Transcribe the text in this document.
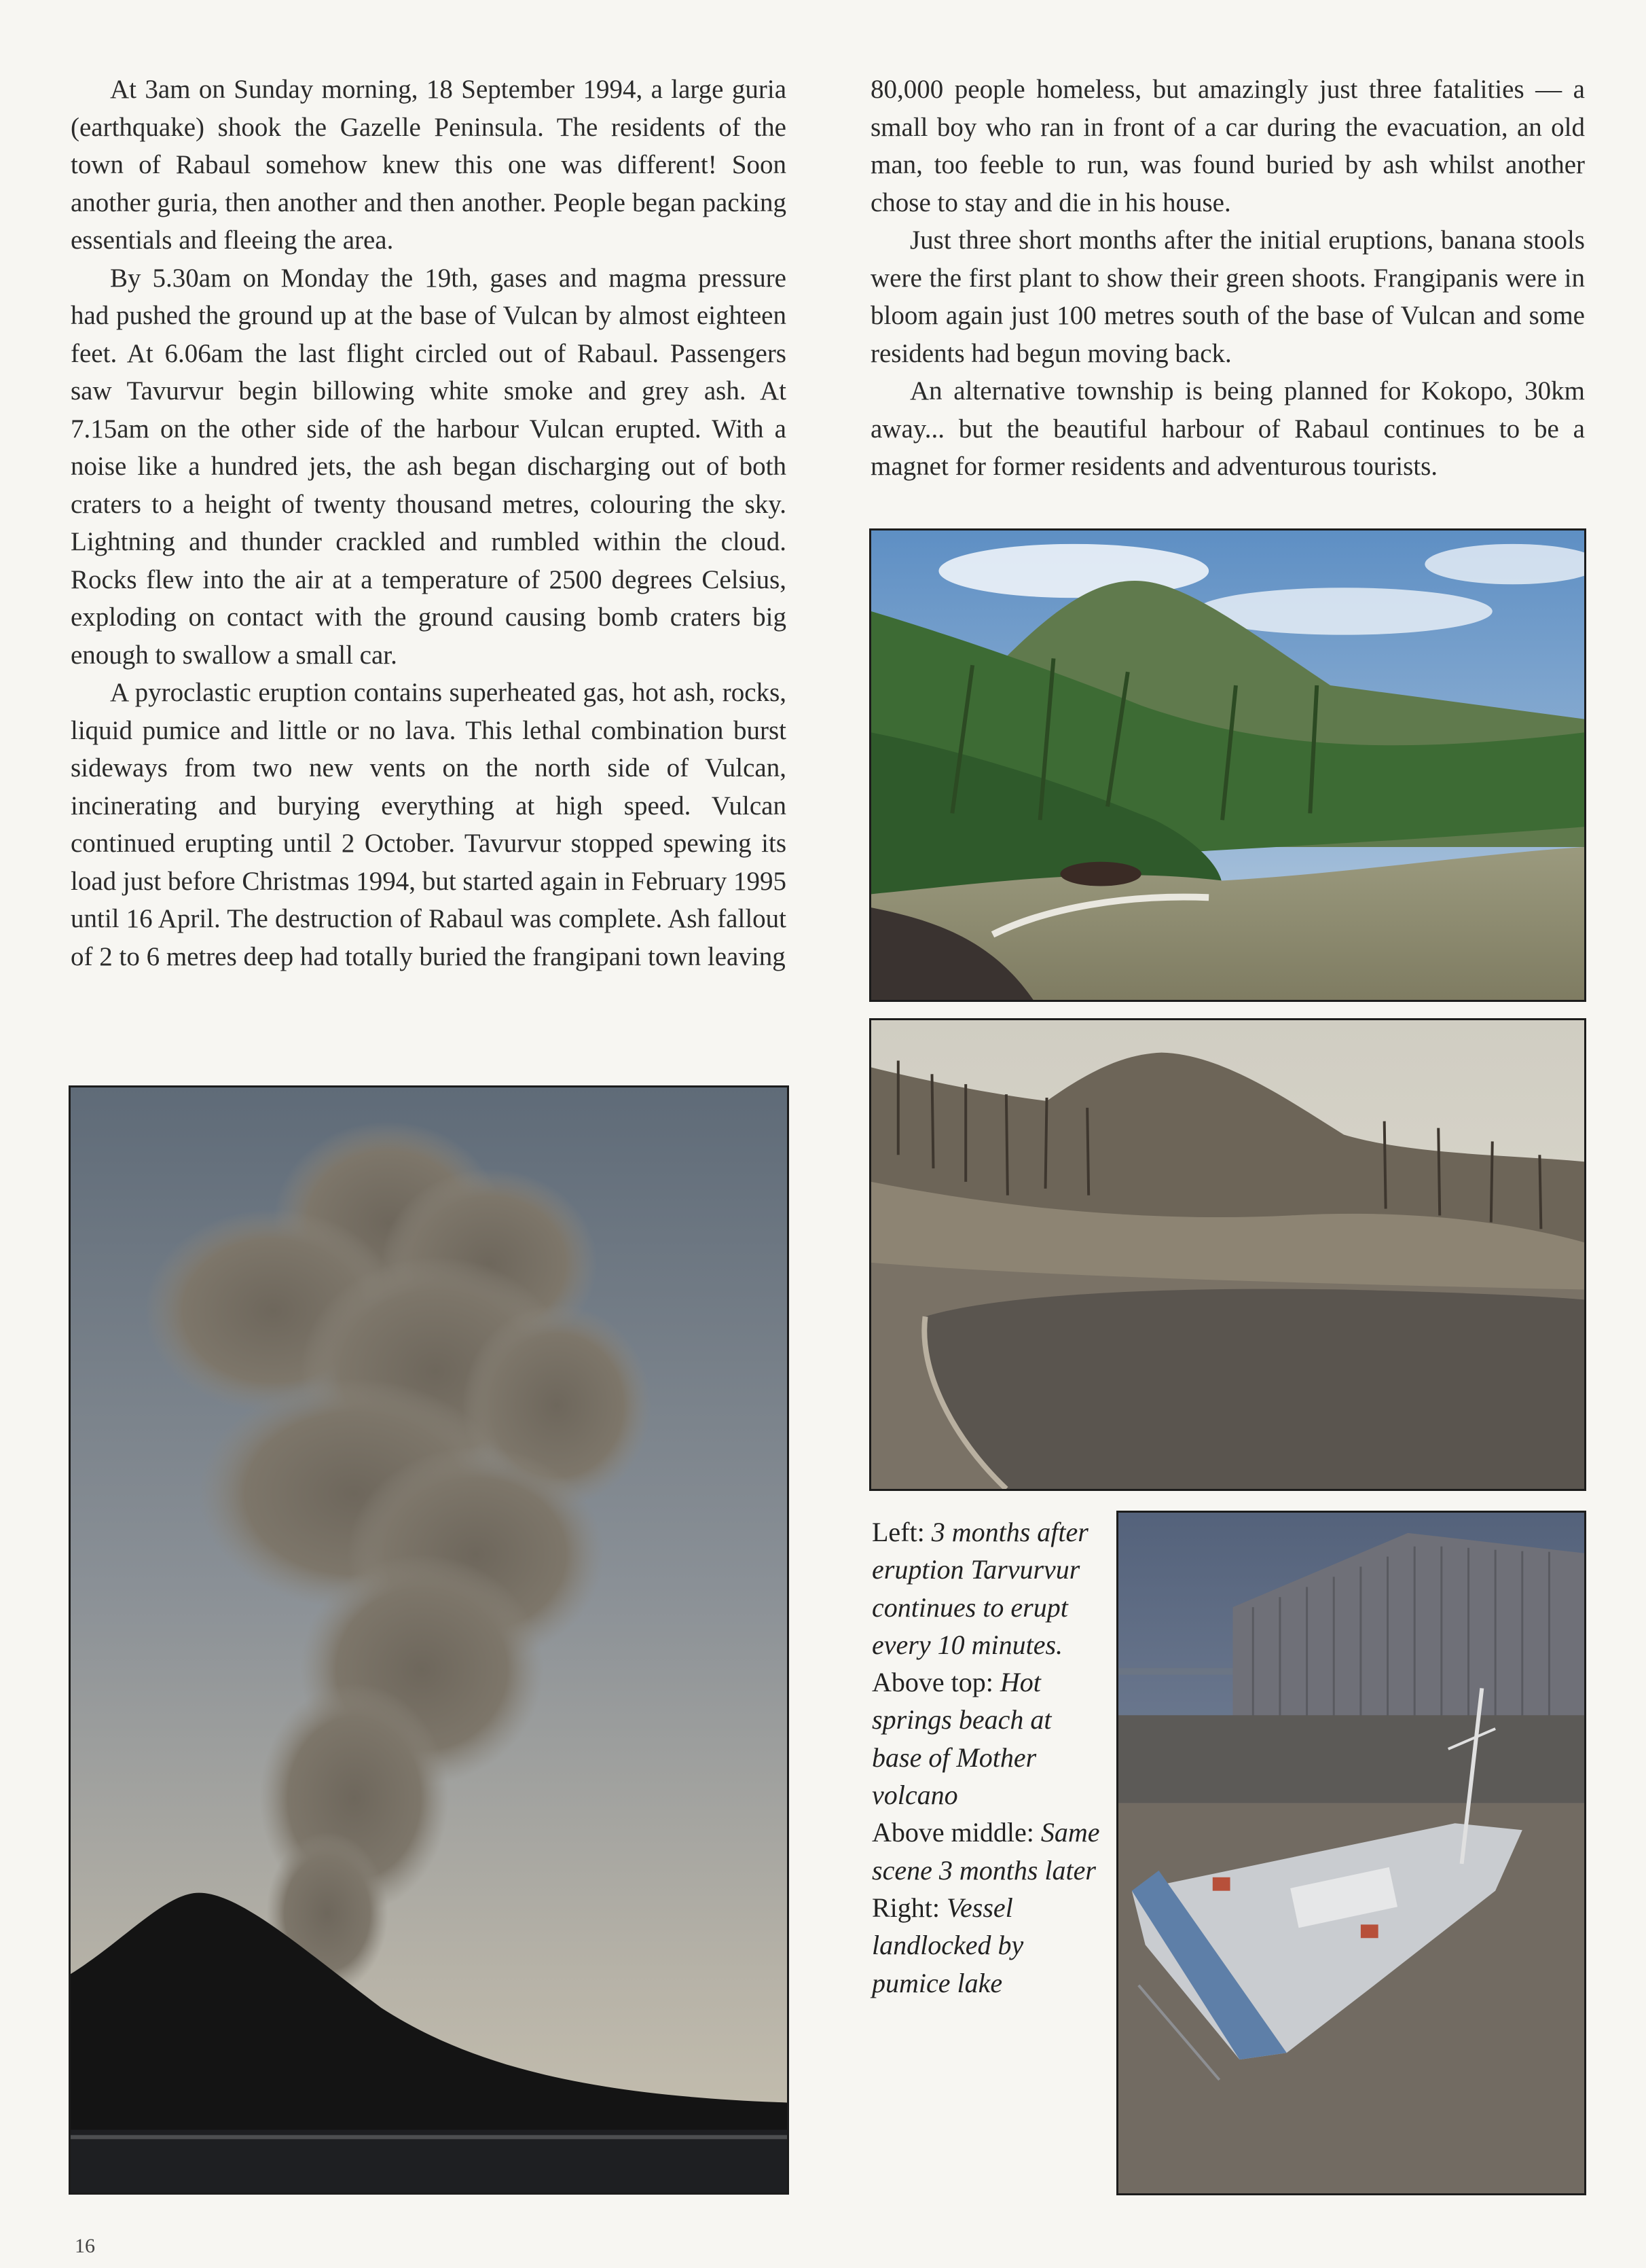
At 3am on Sunday morning, 18 September 1994, a large guria (earthquake) shook the Gazelle Peninsula. The residents of the town of Rabaul somehow knew this one was different! Soon another guria, then another and then another. People began packing essentials and fleeing the area.

By 5.30am on Monday the 19th, gases and magma pressure had pushed the ground up at the base of Vulcan by almost eighteen feet. At 6.06am the last flight circled out of Rabaul. Passengers saw Tavurvur begin billowing white smoke and grey ash. At 7.15am on the other side of the harbour Vulcan erupted. With a noise like a hundred jets, the ash began discharging out of both craters to a height of twenty thousand metres, colouring the sky. Lightning and thunder crackled and rumbled within the cloud. Rocks flew into the air at a temperature of 2500 degrees Celsius, exploding on contact with the ground causing bomb craters big enough to swallow a small car.

A pyroclastic eruption contains superheated gas, hot ash, rocks, liquid pumice and little or no lava. This lethal combination burst sideways from two new vents on the north side of Vulcan, incinerating and burying everything at high speed. Vulcan continued erupting until 2 October. Tavurvur stopped spewing its load just before Christmas 1994, but started again in February 1995 until 16 April. The destruction of Rabaul was complete. Ash fallout of 2 to 6 metres deep had totally buried the frangipani town leaving

80,000 people homeless, but amazingly just three fatalities — a small boy who ran in front of a car during the evacuation, an old man, too feeble to run, was found buried by ash whilst another chose to stay and die in his house.

Just three short months after the initial eruptions, banana stools were the first plant to show their green shoots. Frangipanis were in bloom again just 100 metres south of the base of Vulcan and some residents had begun moving back.

An alternative township is being planned for Kokopo, 30km away... but the beautiful harbour of Rabaul continues to be a magnet for former residents and adventurous tourists.

Left: 3 months after eruption Tarvurvur continues to erupt every 10 minutes.
Above top: Hot springs beach at base of Mother volcano
Above middle: Same scene 3 months later
Right: Vessel landlocked by pumice lake
16
